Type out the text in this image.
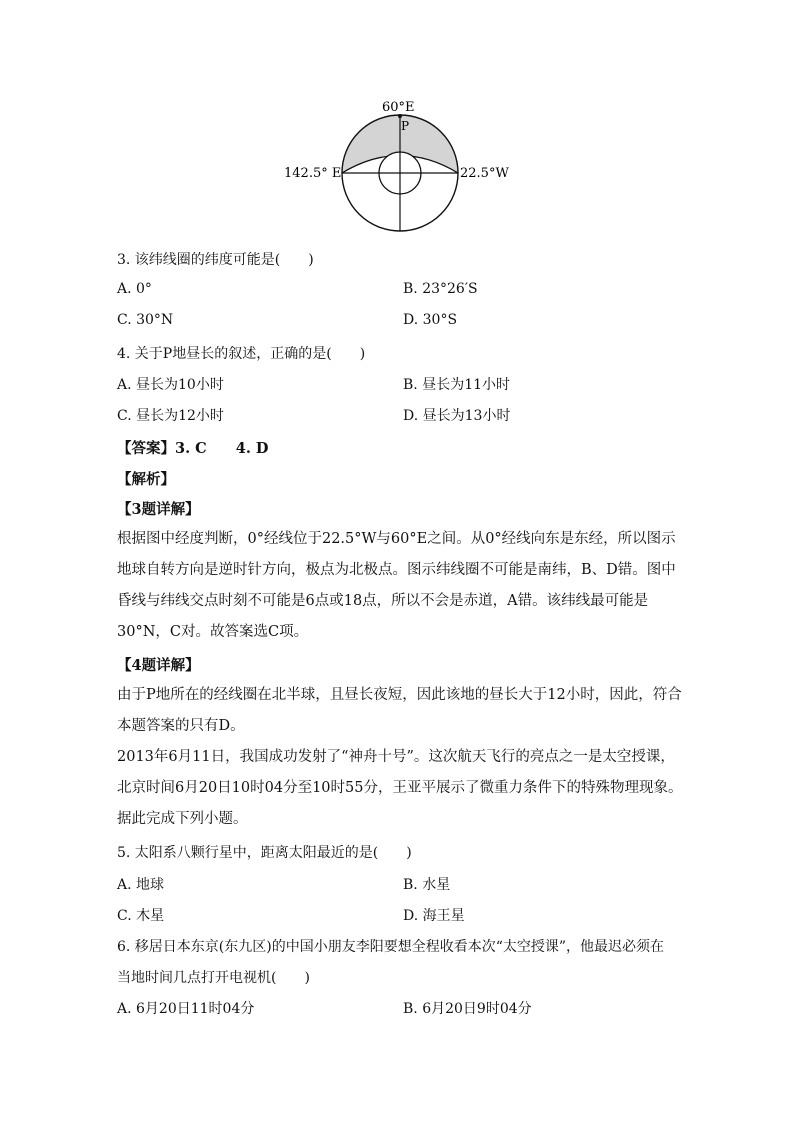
60°E
P
142.5° E	22.5°W
3. 该纬线圈的纬度可能是(　　)
A. 0°	B. 23°26′S
C. 30°N	D. 30°S
4. 关于P地昼长的叙述，正确的是(　　)
A. 昼长为10小时	B. 昼长为11小时
C. 昼长为12小时	D. 昼长为13小时
【答案】3. C　　4. D
【解析】
【3题详解】
根据图中经度判断，0°经线位于22.5°W与60°E之间。从0°经线向东是东经，所以图示地球自转方向是逆时针方向，极点为北极点。图示纬线圈不可能是南纬，B、D错。图中昏线与纬线交点时刻不可能是6点或18点，所以不会是赤道，A错。该纬线最可能是30°N，C对。故答案选C项。
【4题详解】
由于P地所在的经线圈在北半球，且昼长夜短，因此该地的昼长大于12小时，因此，符合本题答案的只有D。
2013年6月11日，我国成功发射了“神舟十号”。这次航天飞行的亮点之一是太空授课，北京时间6月20日10时04分至10时55分，王亚平展示了微重力条件下的特殊物理现象。据此完成下列小题。
5. 太阳系八颗行星中，距离太阳最近的是(　　)
A. 地球	B. 水星
C. 木星	D. 海王星
6. 移居日本东京(东九区)的中国小朋友李阳要想全程收看本次“太空授课”，他最迟必须在
当地时间几点打开电视机(　　)
A. 6月20日11时04分	B. 6月20日9时04分
